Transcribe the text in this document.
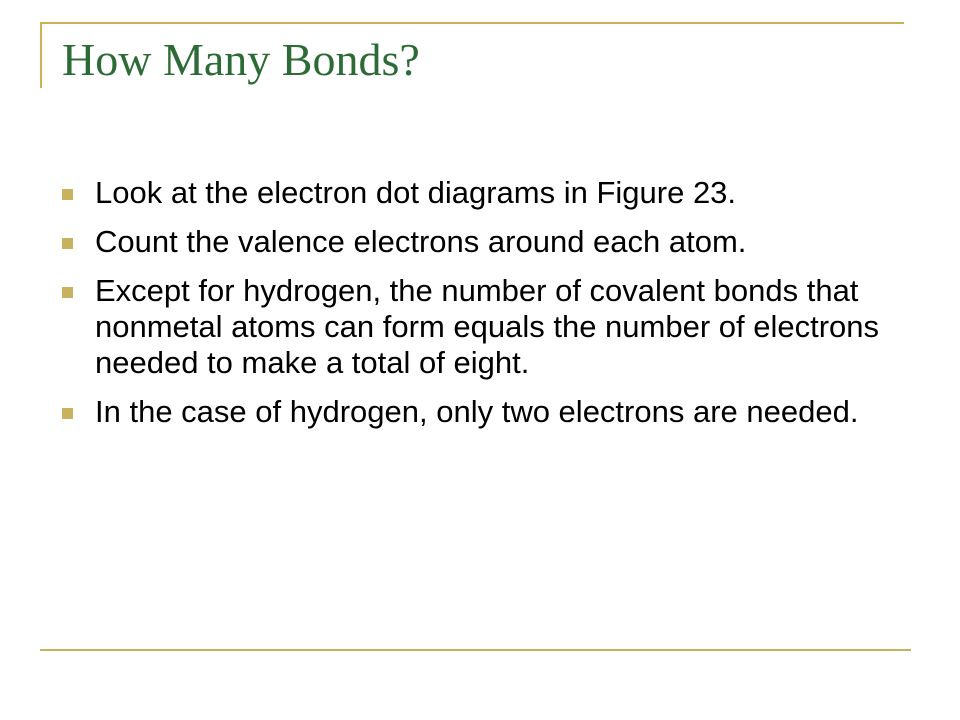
How Many Bonds?
Look at the electron dot diagrams in Figure 23.
Count the valence electrons around each atom.
Except for hydrogen, the number of covalent bonds that nonmetal atoms can form equals the number of electrons needed to make a total of eight.
In the case of hydrogen, only two electrons are needed.
